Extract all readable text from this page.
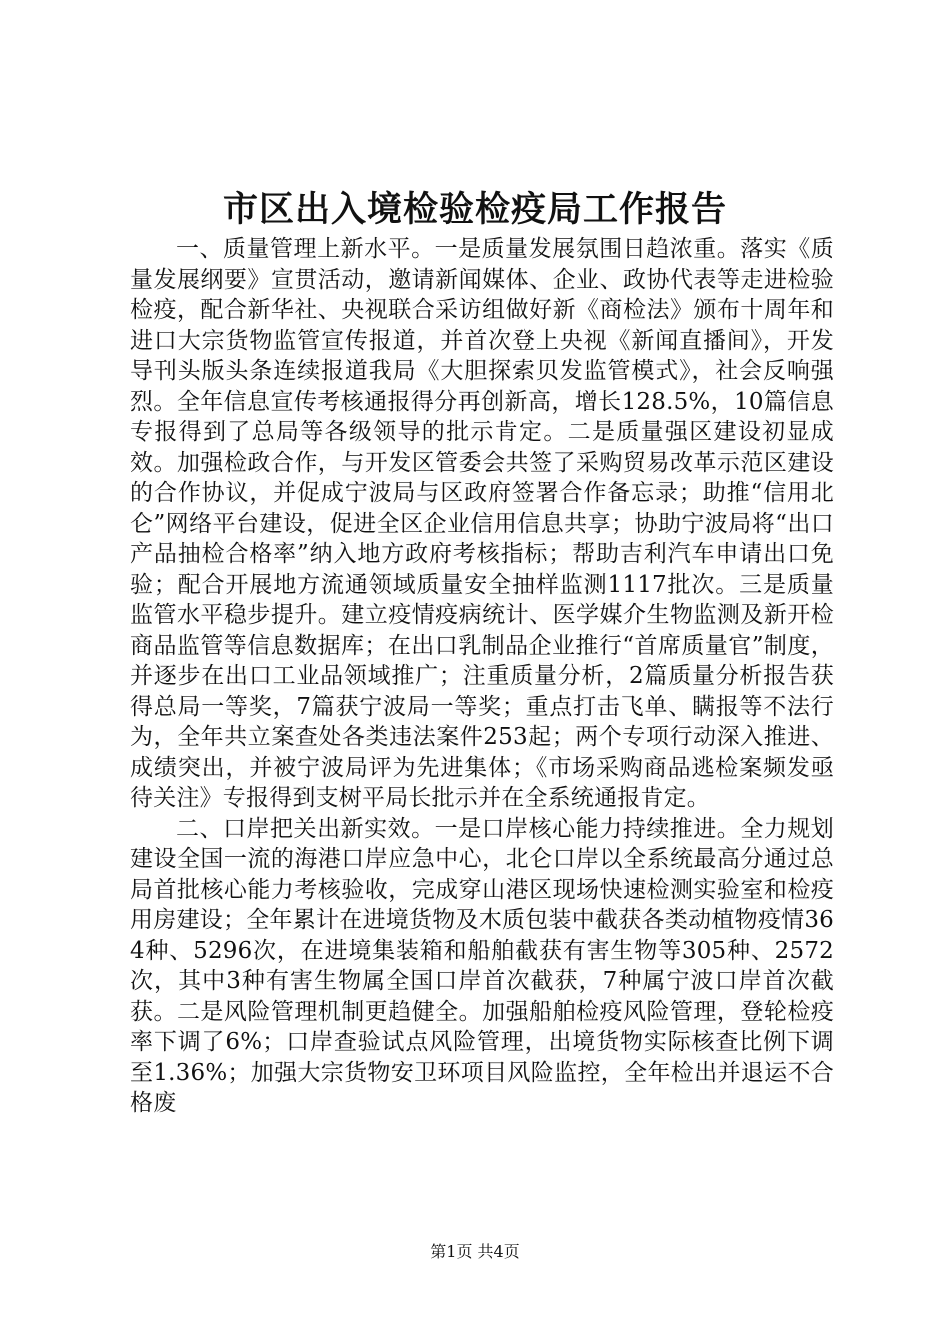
市区出入境检验检疫局工作报告

一、质量管理上新水平。一是质量发展氛围日趋浓重。落实《质量发展纲要》宣贯活动，邀请新闻媒体、企业、政协代表等走进检验检疫，配合新华社、央视联合采访组做好新《商检法》颁布十周年和进口大宗货物监管宣传报道，并首次登上央视《新闻直播间》，开发导刊头版头条连续报道我局《大胆探索贝发监管模式》，社会反响强烈。全年信息宣传考核通报得分再创新高，增长128.5%，10篇信息专报得到了总局等各级领导的批示肯定。二是质量强区建设初显成效。加强检政合作，与开发区管委会共签了采购贸易改革示范区建设的合作协议，并促成宁波局与区政府签署合作备忘录；助推“信用北仑”网络平台建设，促进全区企业信用信息共享；协助宁波局将“出口产品抽检合格率”纳入地方政府考核指标；帮助吉利汽车申请出口免验；配合开展地方流通领域质量安全抽样监测1117批次。三是质量监管水平稳步提升。建立疫情疫病统计、医学媒介生物监测及新开检商品监管等信息数据库；在出口乳制品企业推行“首席质量官”制度，并逐步在出口工业品领域推广；注重质量分析，2篇质量分析报告获得总局一等奖，7篇获宁波局一等奖；重点打击飞单、瞒报等不法行为，全年共立案查处各类违法案件253起；两个专项行动深入推进、成绩突出，并被宁波局评为先进集体；《市场采购商品逃检案频发亟待关注》专报得到支树平局长批示并在全系统通报肯定。

二、口岸把关出新实效。一是口岸核心能力持续推进。全力规划建设全国一流的海港口岸应急中心，北仑口岸以全系统最高分通过总局首批核心能力考核验收，完成穿山港区现场快速检测实验室和检疫用房建设；全年累计在进境货物及木质包装中截获各类动植物疫情364种、5296次，在进境集装箱和船舶截获有害生物等305种、2572次，其中3种有害生物属全国口岸首次截获，7种属宁波口岸首次截获。二是风险管理机制更趋健全。加强船舶检疫风险管理，登轮检疫率下调了6%；口岸查验试点风险管理，出境货物实际核查比例下调至1.36%；加强大宗货物安卫环项目风险监控，全年检出并退运不合格废

第1页 共4页
